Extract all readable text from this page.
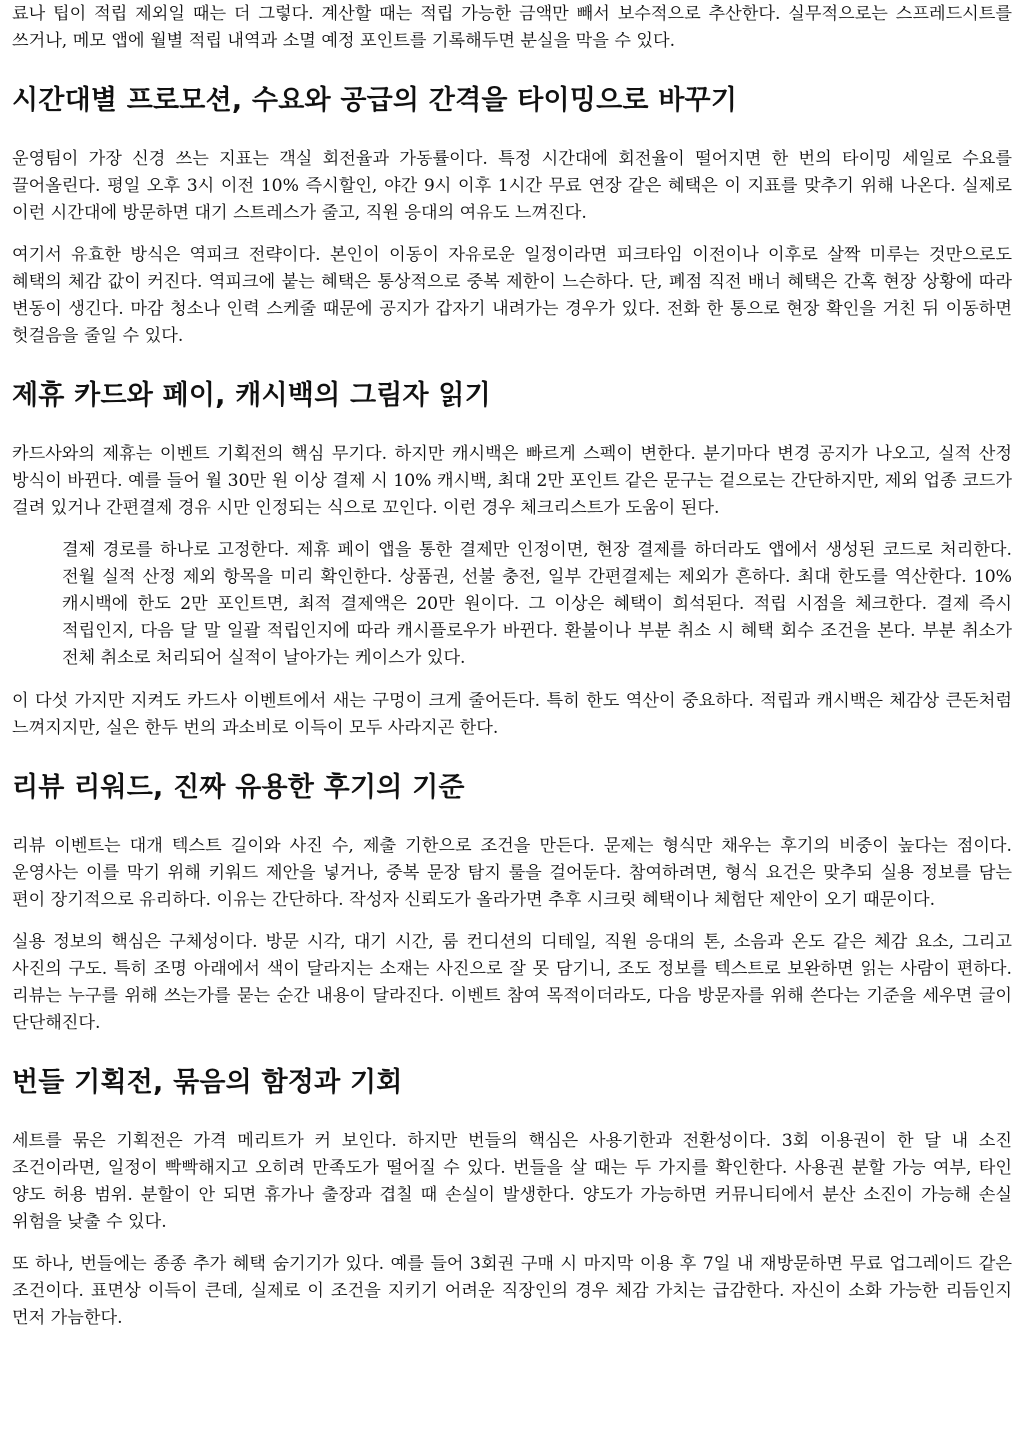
료나 팁이 적립 제외일 때는 더 그렇다. 계산할 때는 적립 가능한 금액만 빼서 보수적으로 추산한다. 실무적으로는 스프레드시트를 쓰거나, 메모 앱에 월별 적립 내역과 소멸 예정 포인트를 기록해두면 분실을 막을 수 있다.

시간대별 프로모션, 수요와 공급의 간격을 타이밍으로 바꾸기

운영팀이 가장 신경 쓰는 지표는 객실 회전율과 가동률이다. 특정 시간대에 회전율이 떨어지면 한 번의 타이밍 세일로 수요를 끌어올린다. 평일 오후 3시 이전 10% 즉시할인, 야간 9시 이후 1시간 무료 연장 같은 혜택은 이 지표를 맞추기 위해 나온다. 실제로 이런 시간대에 방문하면 대기 스트레스가 줄고, 직원 응대의 여유도 느껴진다.

여기서 유효한 방식은 역피크 전략이다. 본인이 이동이 자유로운 일정이라면 피크타임 이전이나 이후로 살짝 미루는 것만으로도 혜택의 체감 값이 커진다. 역피크에 붙는 혜택은 통상적으로 중복 제한이 느슨하다. 단, 폐점 직전 배너 혜택은 간혹 현장 상황에 따라 변동이 생긴다. 마감 청소나 인력 스케줄 때문에 공지가 갑자기 내려가는 경우가 있다. 전화 한 통으로 현장 확인을 거친 뒤 이동하면 헛걸음을 줄일 수 있다.

제휴 카드와 페이, 캐시백의 그림자 읽기

카드사와의 제휴는 이벤트 기획전의 핵심 무기다. 하지만 캐시백은 빠르게 스펙이 변한다. 분기마다 변경 공지가 나오고, 실적 산정 방식이 바뀐다. 예를 들어 월 30만 원 이상 결제 시 10% 캐시백, 최대 2만 포인트 같은 문구는 겉으로는 간단하지만, 제외 업종 코드가 걸려 있거나 간편결제 경유 시만 인정되는 식으로 꼬인다. 이런 경우 체크리스트가 도움이 된다.

결제 경로를 하나로 고정한다. 제휴 페이 앱을 통한 결제만 인정이면, 현장 결제를 하더라도 앱에서 생성된 코드로 처리한다. 전월 실적 산정 제외 항목을 미리 확인한다. 상품권, 선불 충전, 일부 간편결제는 제외가 흔하다. 최대 한도를 역산한다. 10% 캐시백에 한도 2만 포인트면, 최적 결제액은 20만 원이다. 그 이상은 혜택이 희석된다. 적립 시점을 체크한다. 결제 즉시 적립인지, 다음 달 말 일괄 적립인지에 따라 캐시플로우가 바뀐다. 환불이나 부분 취소 시 혜택 회수 조건을 본다. 부분 취소가 전체 취소로 처리되어 실적이 날아가는 케이스가 있다.

이 다섯 가지만 지켜도 카드사 이벤트에서 새는 구멍이 크게 줄어든다. 특히 한도 역산이 중요하다. 적립과 캐시백은 체감상 큰돈처럼 느껴지지만, 실은 한두 번의 과소비로 이득이 모두 사라지곤 한다.

리뷰 리워드, 진짜 유용한 후기의 기준

리뷰 이벤트는 대개 텍스트 길이와 사진 수, 제출 기한으로 조건을 만든다. 문제는 형식만 채우는 후기의 비중이 높다는 점이다. 운영사는 이를 막기 위해 키워드 제안을 넣거나, 중복 문장 탐지 룰을 걸어둔다. 참여하려면, 형식 요건은 맞추되 실용 정보를 담는 편이 장기적으로 유리하다. 이유는 간단하다. 작성자 신뢰도가 올라가면 추후 시크릿 혜택이나 체험단 제안이 오기 때문이다.

실용 정보의 핵심은 구체성이다. 방문 시각, 대기 시간, 룸 컨디션의 디테일, 직원 응대의 톤, 소음과 온도 같은 체감 요소, 그리고 사진의 구도. 특히 조명 아래에서 색이 달라지는 소재는 사진으로 잘 못 담기니, 조도 정보를 텍스트로 보완하면 읽는 사람이 편하다. 리뷰는 누구를 위해 쓰는가를 묻는 순간 내용이 달라진다. 이벤트 참여 목적이더라도, 다음 방문자를 위해 쓴다는 기준을 세우면 글이 단단해진다.

번들 기획전, 묶음의 함정과 기회

세트를 묶은 기획전은 가격 메리트가 커 보인다. 하지만 번들의 핵심은 사용기한과 전환성이다. 3회 이용권이 한 달 내 소진 조건이라면, 일정이 빡빡해지고 오히려 만족도가 떨어질 수 있다. 번들을 살 때는 두 가지를 확인한다. 사용권 분할 가능 여부, 타인 양도 허용 범위. 분할이 안 되면 휴가나 출장과 겹칠 때 손실이 발생한다. 양도가 가능하면 커뮤니티에서 분산 소진이 가능해 손실 위험을 낮출 수 있다.

또 하나, 번들에는 종종 추가 혜택 숨기기가 있다. 예를 들어 3회권 구매 시 마지막 이용 후 7일 내 재방문하면 무료 업그레이드 같은 조건이다. 표면상 이득이 큰데, 실제로 이 조건을 지키기 어려운 직장인의 경우 체감 가치는 급감한다. 자신이 소화 가능한 리듬인지 먼저 가늠한다.
